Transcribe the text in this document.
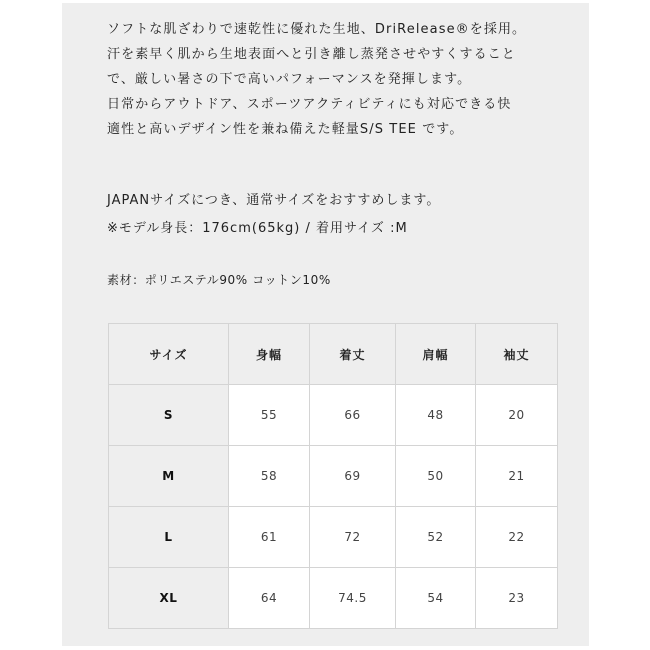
ソフトな肌ざわりで速乾性に優れた生地、DriRelease®を採用。

汗を素早く肌から生地表面へと引き離し蒸発させやすくすること

で、厳しい暑さの下で高いパフォーマンスを発揮します。

日常からアウトドア、スポーツアクティビティにも対応できる快

適性と高いデザイン性を兼ね備えた軽量S/S TEE です。

JAPANサイズにつき、通常サイズをおすすめします。

※モデル身長：176cm(65kg) / 着用サイズ :M

素材：ポリエステル90% コットン10%
サイズ	身幅	着丈	肩幅	袖丈
S	55	66	48	20
M	58	69	50	21
L	61	72	52	22
XL	64	74.5	54	23
